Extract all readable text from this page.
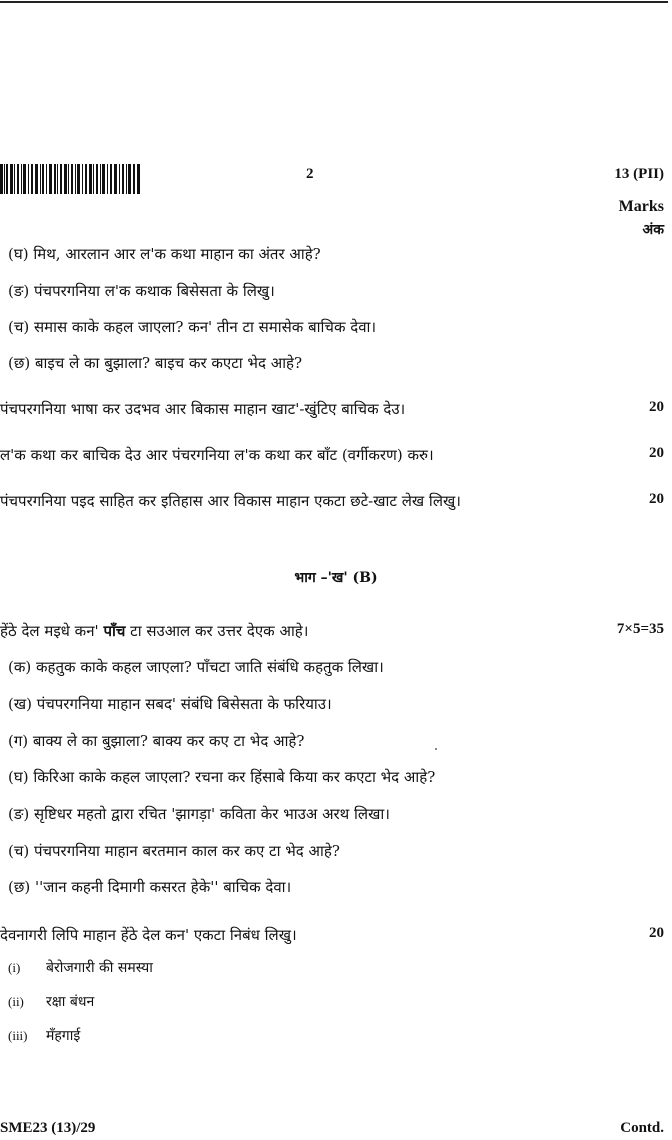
2	13 (PII)
Marks
अंक
(घ) मिथ, आरलान आर ल'क कथा माहान का अंतर आहे?
(ङ) पंचपरगनिया ल'क कथाक बिसेसता के लिखु।
(च) समास काके कहल जाएला? कन' तीन टा समासेक बाचिक देवा।
(छ) बाइच ले का बुझाला? बाइच कर कएटा भेद आहे?
पंचपरगनिया भाषा कर उदभव आर बिकास माहान खाट'-खुंटिए बाचिक देउ।	20
ल'क कथा कर बाचिक देउ आर पंचरगनिया ल'क कथा कर बाँट (वर्गीकरण) करु।	20
पंचपरगनिया पइद साहित कर इतिहास आर विकास माहान एकटा छटे-खाट लेख लिखु।	20
भाग –'ख' (B)
हेंठे देल मइधे कन' पाँच टा सउआल कर उत्तर देएक आहे।	7×5=35
(क) कहतुक काके कहल जाएला? पाँचटा जाति संबंधि कहतुक लिखा।
(ख) पंचपरगनिया माहान सबद' संबंधि बिसेसता के फरियाउ।
(ग) बाक्य ले का बुझाला? बाक्य कर कए टा भेद आहे?
(घ) किरिआ काके कहल जाएला? रचना कर हिंसाबे किया कर कएटा भेद आहे?
(ङ) सृष्टिधर महतो द्वारा रचित 'झागड़ा' कविता केर भाउअ अरथ लिखा।
(च) पंचपरगनिया माहान बरतमान काल कर कए टा भेद आहे?
(छ) ''जान कहनी दिमागी कसरत हेके'' बाचिक देवा।
देवनागरी लिपि माहान हेंठे देल कन' एकटा निबंध लिखु।	20
(i) बेरोजगारी की समस्या
(ii) रक्षा बंधन
(iii) मँहगाई
SME23 (13)/29	Contd.
